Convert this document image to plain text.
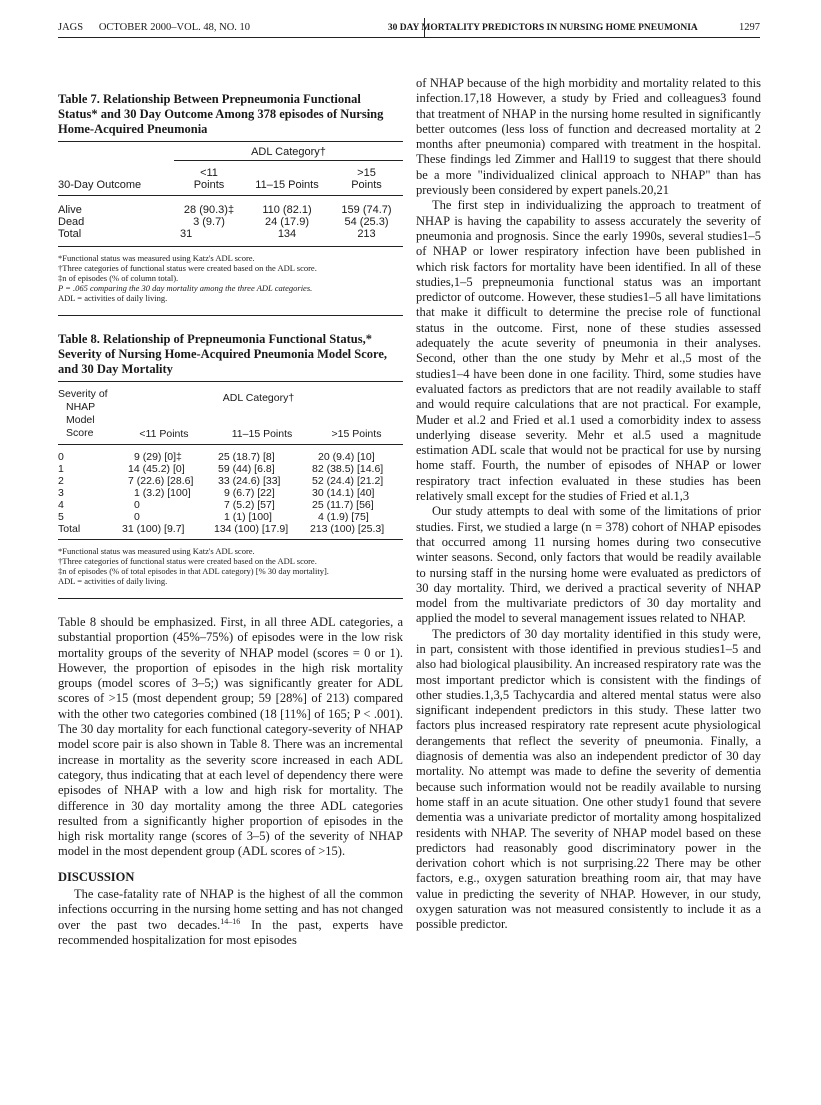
JAGS      OCTOBER 2000–VOL. 48, NO. 10	30 DAY MORTALITY PREDICTORS IN NURSING HOME PNEUMONIA	1297
Table 7. Relationship Between Prepneumonia Functional Status* and 30 Day Outcome Among 378 episodes of Nursing Home-Acquired Pneumonia
	ADL Category†		
	<11		>15
30-Day Outcome	Points	11–15 Points	Points
Alive	28 (90.3)‡	110 (82.1)	159 (74.7)
Dead	3 (9.7)	24 (17.9)	54 (25.3)
Total	31	134	213
*Functional status was measured using Katz's ADL score.
†Three categories of functional status were created based on the ADL score.
‡n of episodes (% of column total).
P = .065 comparing the 30 day mortality among the three ADL categories.
ADL = activities of daily living.
Table 8. Relationship of Prepneumonia Functional Status,* Severity of Nursing Home-Acquired Pneumonia Model Score, and 30 Day Mortality
Severity of
NHAP
Model
Score	ADL Category†		
	<11 Points	11–15 Points	>15 Points
0	9 (29) [0]‡	25 (18.7) [8]	20 (9.4) [10]
1	14 (45.2) [0]	59 (44) [6.8]	82 (38.5) [14.6]
2	7 (22.6) [28.6]	33 (24.6) [33]	52 (24.4) [21.2]
3	1 (3.2) [100]	9 (6.7) [22]	30 (14.1) [40]
4	0	7 (5.2) [57]	25 (11.7) [56]
5	0	1 (1) [100]	4 (1.9) [75]
Total	31 (100) [9.7]	134 (100) [17.9]	213 (100) [25.3]
*Functional status was measured using Katz's ADL score.
†Three categories of functional status were created based on the ADL score.
‡n of episodes (% of total episodes in that ADL category) [% 30 day mortality].
ADL = activities of daily living.

Table 8 should be emphasized. First, in all three ADL categories, a substantial proportion (45%–75%) of episodes were in the low risk mortality groups of the severity of NHAP model (scores = 0 or 1). However, the proportion of episodes in the high risk mortality groups (model scores of 3–5;) was significantly greater for ADL scores of >15 (most dependent group; 59 [28%] of 213) compared with the other two categories combined (18 [11%] of 165; P < .001). The 30 day mortality for each functional category-severity of NHAP model score pair is also shown in Table 8. There was an incremental increase in mortality as the severity score increased in each ADL category, thus indicating that at each level of dependency there were episodes of NHAP with a low and high risk for mortality. The difference in 30 day mortality among the three ADL categories resulted from a significantly higher proportion of episodes in the high risk mortality range (scores of 3–5) of the severity of NHAP model in the most dependent group (ADL scores of >15).

DISCUSSION

The case-fatality rate of NHAP is the highest of all the common infections occurring in the nursing home setting and has not changed over the past two decades.$^{14-16}$ In the past, experts have recommended hospitalization for most episodes

of NHAP because of the high morbidity and mortality related to this infection.17,18 However, a study by Fried and colleagues3 found that treatment of NHAP in the nursing home resulted in significantly better outcomes (less loss of function and decreased mortality at 2 months after pneumonia) compared with treatment in the hospital. These findings led Zimmer and Hall19 to suggest that there should be a more "individualized clinical approach to NHAP" than has previously been considered by expert panels.20,21

The first step in individualizing the approach to treatment of NHAP is having the capability to assess accurately the severity of pneumonia and prognosis. Since the early 1990s, several studies1–5 of NHAP or lower respiratory infection have been published in which risk factors for mortality have been identified. In all of these studies,1–5 prepneumonia functional status was an important predictor of outcome. However, these studies1–5 all have limitations that make it difficult to determine the precise role of functional status in the outcome. First, none of these studies assessed adequately the acute severity of pneumonia in their analyses. Second, other than the one study by Mehr et al.,5 most of the studies1–4 have been done in one facility. Third, some studies have evaluated factors as predictors that are not readily available to staff and would require calculations that are not practical. For example, Muder et al.2 and Fried et al.1 used a comorbidity index to assess underlying disease severity. Mehr et al.5 used a magnitude estimation ADL scale that would not be practical for use by nursing home staff. Fourth, the number of episodes of NHAP or lower respiratory tract infection evaluated in these studies has been relatively small except for the studies of Fried et al.1,3

Our study attempts to deal with some of the limitations of prior studies. First, we studied a large (n = 378) cohort of NHAP episodes that occurred among 11 nursing homes during two consecutive winter seasons. Second, only factors that would be readily available to nursing staff in the nursing home were evaluated as predictors of 30 day mortality. Third, we derived a practical severity of NHAP model from the multivariate predictors of 30 day mortality and applied the model to several management issues related to NHAP.

The predictors of 30 day mortality identified in this study were, in part, consistent with those identified in previous studies1–5 and also had biological plausibility. An increased respiratory rate was the most important predictor which is consistent with the findings of other studies.1,3,5 Tachycardia and altered mental status were also significant independent predictors in this study. These latter two factors plus increased respiratory rate represent acute physiological derangements that reflect the severity of pneumonia. Finally, a diagnosis of dementia was also an independent predictor of 30 day mortality. No attempt was made to define the severity of dementia because such information would not be readily available to nursing home staff in an acute situation. One other study1 found that severe dementia was a univariate predictor of mortality among hospitalized residents with NHAP. The severity of NHAP model based on these predictors had reasonably good discriminatory power in the derivation cohort which is not surprising.22 There may be other factors, e.g., oxygen saturation breathing room air, that may have value in predicting the severity of NHAP. However, in our study, oxygen saturation was not measured consistently to include it as a possible predictor.
